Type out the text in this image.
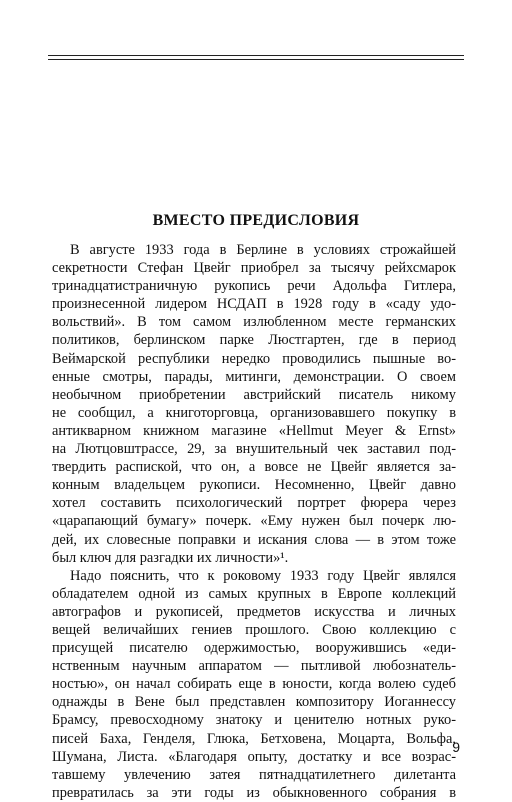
ВМЕСТО ПРЕДИСЛОВИЯ
В августе 1933 года в Берлине в условиях строжайшей
секретности Стефан Цвейг приобрел за тысячу рейхсмарок
тринадцатистраничную рукопись речи Адольфа Гитлера,
произнесенной лидером НСДАП в 1928 году в «саду удо-
вольствий». В том самом излюбленном месте германских
политиков, берлинском парке Люстгартен, где в период
Веймарской республики нередко проводились пышные во-
енные смотры, парады, митинги, демонстрации. О своем
необычном приобретении австрийский писатель никому
не сообщил, а книготорговца, организовавшего покупку в
антикварном книжном магазине «Hellmut Meyer & Ernst»
на Лютцовштрассе, 29, за внушительный чек заставил под-
твердить распиской, что он, а вовсе не Цвейг является за-
конным владельцем рукописи. Несомненно, Цвейг давно
хотел составить психологический портрет фюрера через
«царапающий бумагу» почерк. «Ему нужен был почерк лю-
дей, их словесные поправки и искания слова — в этом тоже
был ключ для разгадки их личности»¹.
Надо пояснить, что к роковому 1933 году Цвейг являлся
обладателем одной из самых крупных в Европе коллекций
автографов и рукописей, предметов искусства и личных
вещей величайших гениев прошлого. Свою коллекцию с
присущей писателю одержимостью, вооружившись «еди-
нственным научным аппаратом — пытливой любознатель-
ностью», он начал собирать еще в юности, когда волею судеб
однажды в Вене был представлен композитору Иоганнессу
Брамсу, превосходному знатоку и ценителю нотных руко-
писей Баха, Генделя, Глюка, Бетховена, Моцарта, Вольфа,
Шумана, Листа. «Благодаря опыту, достатку и все возрас-
тавшему увлечению затея пятнадцатилетнего дилетанта
превратилась за эти годы из обыкновенного собрания в
9
